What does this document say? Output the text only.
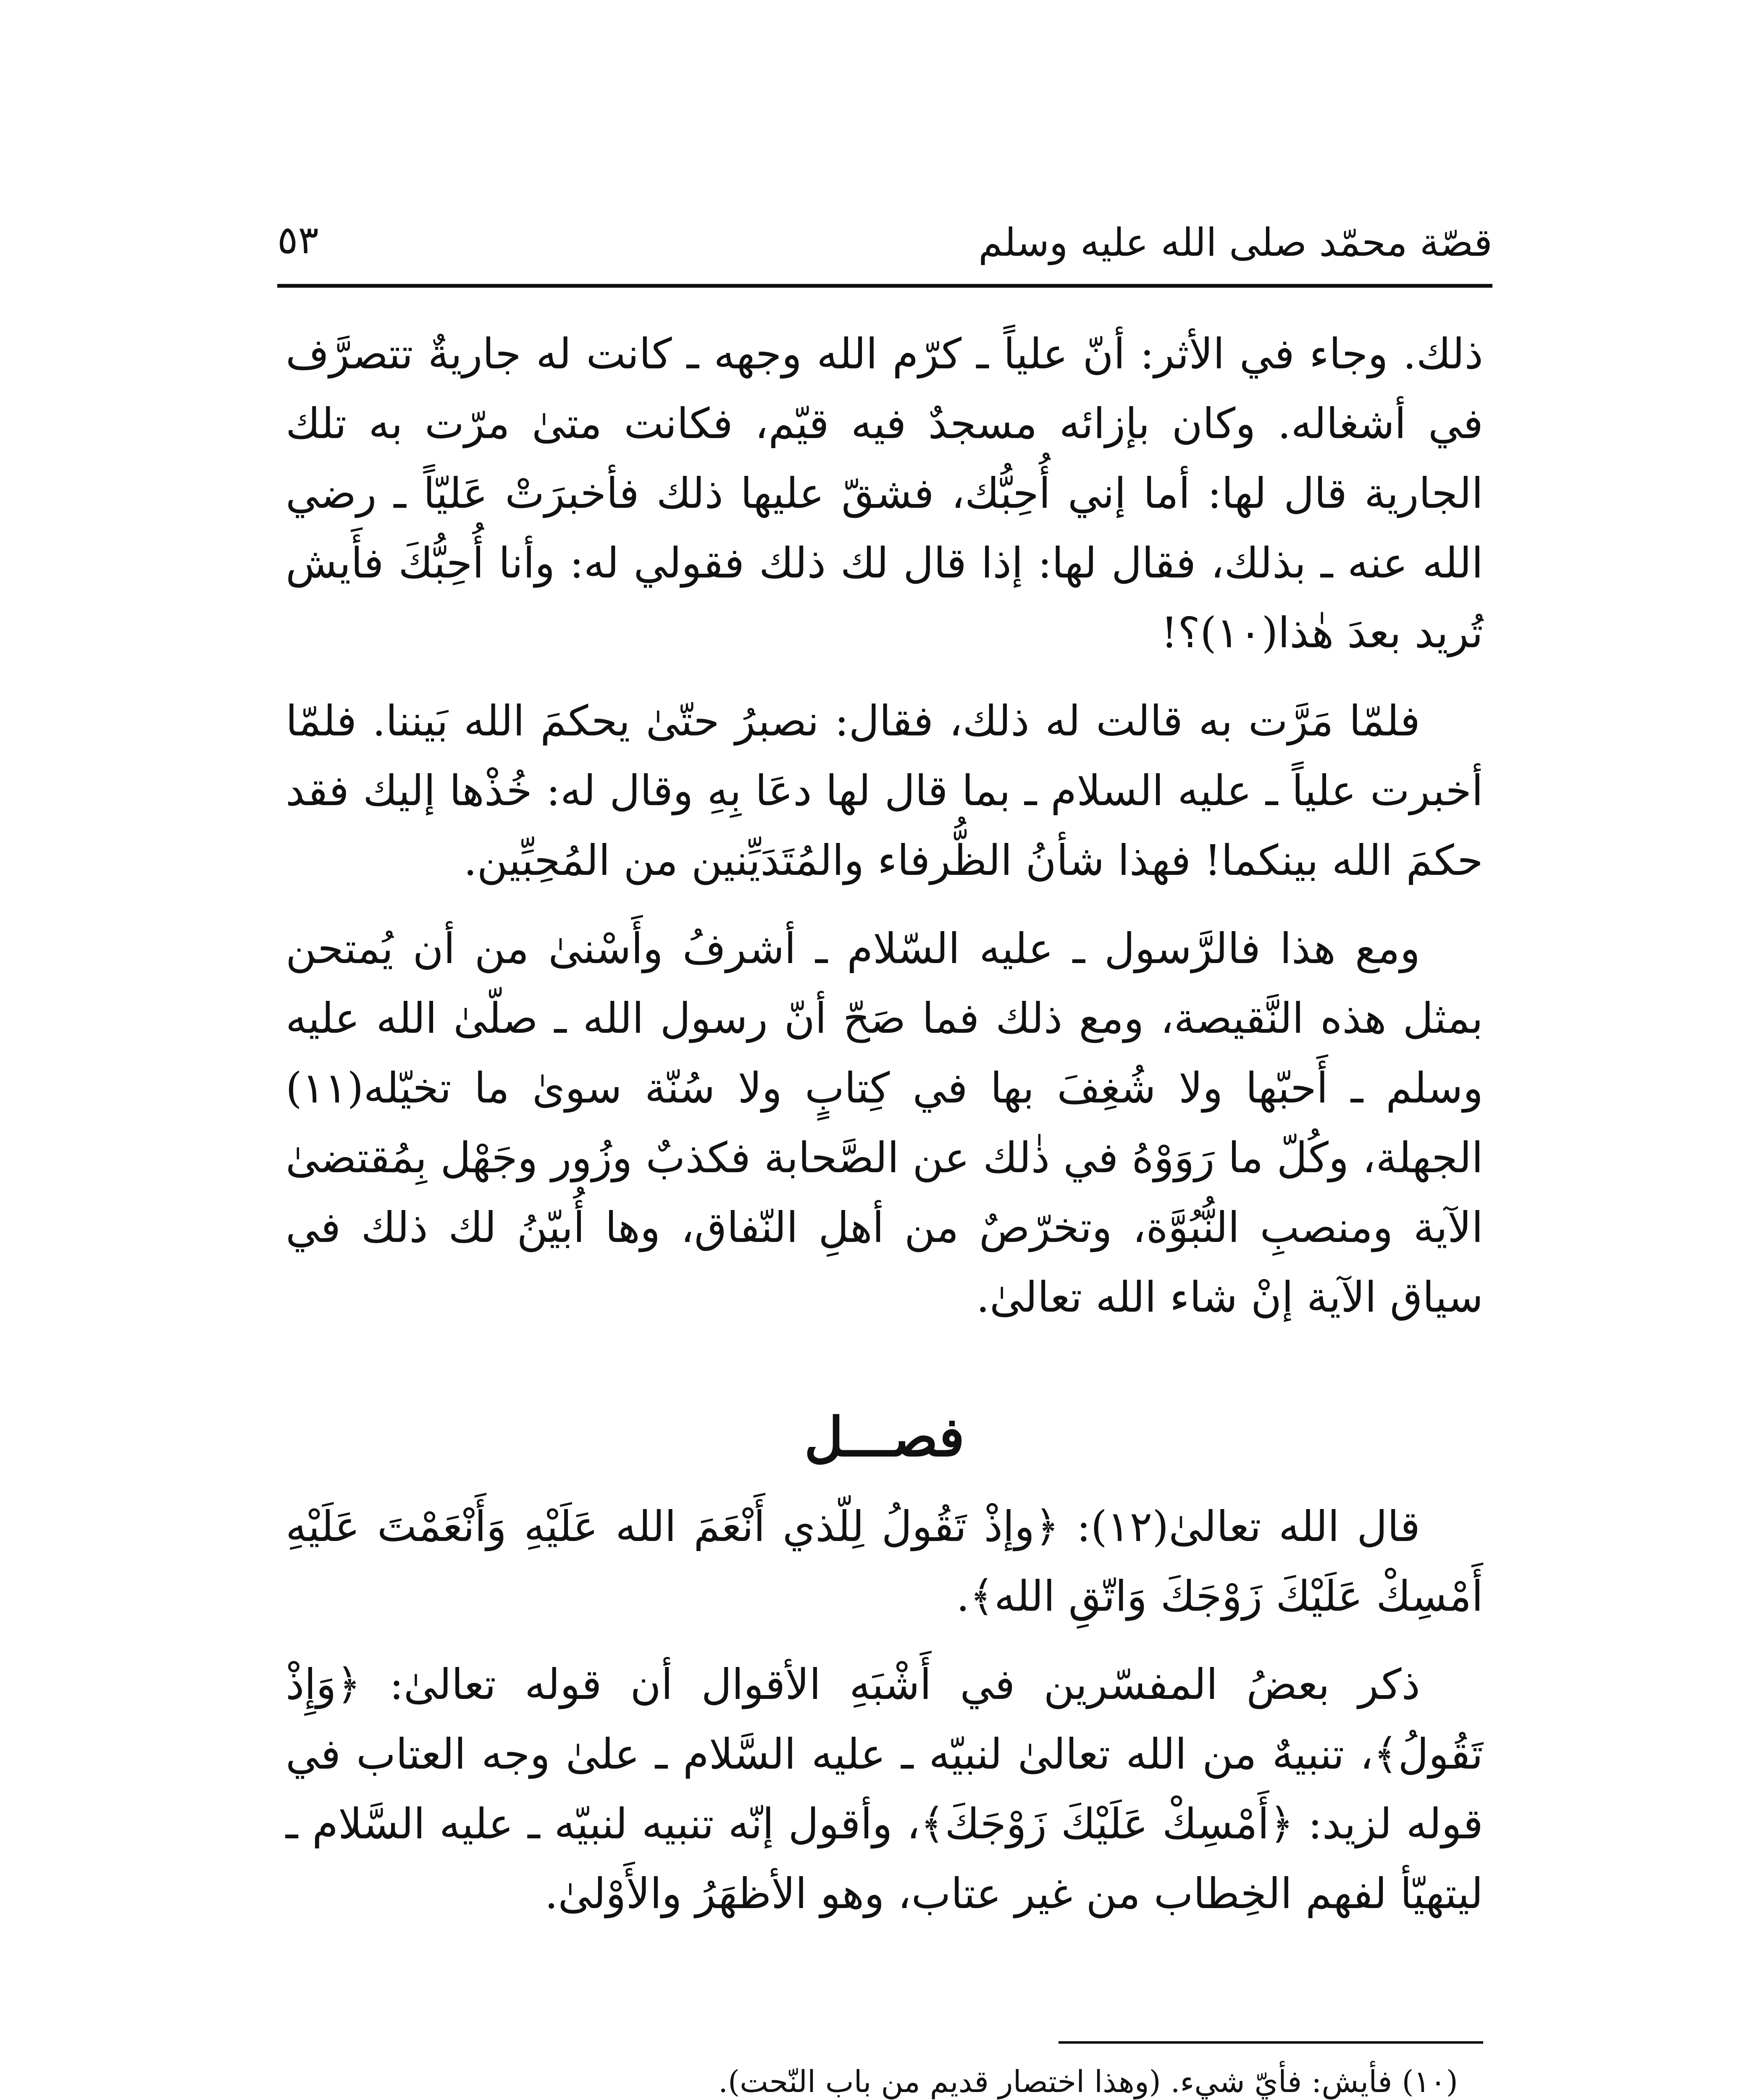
قصّة محمّد صلى الله عليه وسلم
٥٣

ذلك. وجاء في الأثر: أنّ علياً ـ كرّم الله وجهه ـ كانت له جاريةٌ تتصرَّف في أشغاله. وكان بإزائه مسجدٌ فيه قيّم، فكانت متىٰ مرّت به تلك الجارية قال لها: أما إني أُحِبُّك، فشقّ عليها ذلك فأخبرَتْ عَليّاً ـ رضي الله عنه ـ بذلك، فقال لها: إذا قال لك ذلك فقولي له: وأنا أُحِبُّكَ فأَيش تُريد بعدَ هٰذا(١٠)؟!

فلمّا مَرَّت به قالت له ذلك، فقال: نصبرُ حتّىٰ يحكمَ الله بَيننا. فلمّا أخبرت علياً ـ عليه السلام ـ بما قال لها دعَا بِهِ وقال له: خُذْها إليك فقد حكمَ الله بينكما! فهذا شأنُ الظُّرفاء والمُتَدَيِّنين من المُحِبِّين.

ومع هذا فالرَّسول ـ عليه السّلام ـ أشرفُ وأَسْنىٰ من أن يُمتحن بمثل هذه النَّقيصة، ومع ذلك فما صَحّ أنّ رسول الله ـ صلّىٰ الله عليه وسلم ـ أَحبّها ولا شُغِفَ بها في كِتابٍ ولا سُنّة سوىٰ ما تخيّله(١١) الجهلة، وكُلّ ما رَوَوْهُ في ذٰلك عن الصَّحابة فكذبٌ وزُور وجَهْل بِمُقتضىٰ الآية ومنصبِ النُّبُوَّة، وتخرّصٌ من أهلِ النّفاق، وها أُبيّنُ لك ذلك في سياق الآية إنْ شاء الله تعالىٰ.

فصـــل

قال الله تعالىٰ(١٢): ﴿وإذْ تَقُولُ لِلّذي أَنْعَمَ الله عَلَيْهِ وَأَنْعَمْتَ عَلَيْهِ أَمْسِكْ عَلَيْكَ زَوْجَكَ وَاتّقِ الله﴾.

ذكر بعضُ المفسّرين في أَشْبَهِ الأقوال أن قوله تعالىٰ: ﴿وَإِذْ تَقُولُ﴾، تنبيهٌ من الله تعالىٰ لنبيّه ـ عليه السَّلام ـ علىٰ وجه العتاب في قوله لزيد: ﴿أَمْسِكْ عَلَيْكَ زَوْجَكَ﴾، وأقول إنّه تنبيه لنبيّه ـ عليه السَّلام ـ ليتهيّأ لفهم الخِطاب من غير عتاب، وهو الأظهَرُ والأَوْلىٰ.

(١٠) فأيش: فأيّ شيء. (وهذا اختصار قديم من باب النّحت).
